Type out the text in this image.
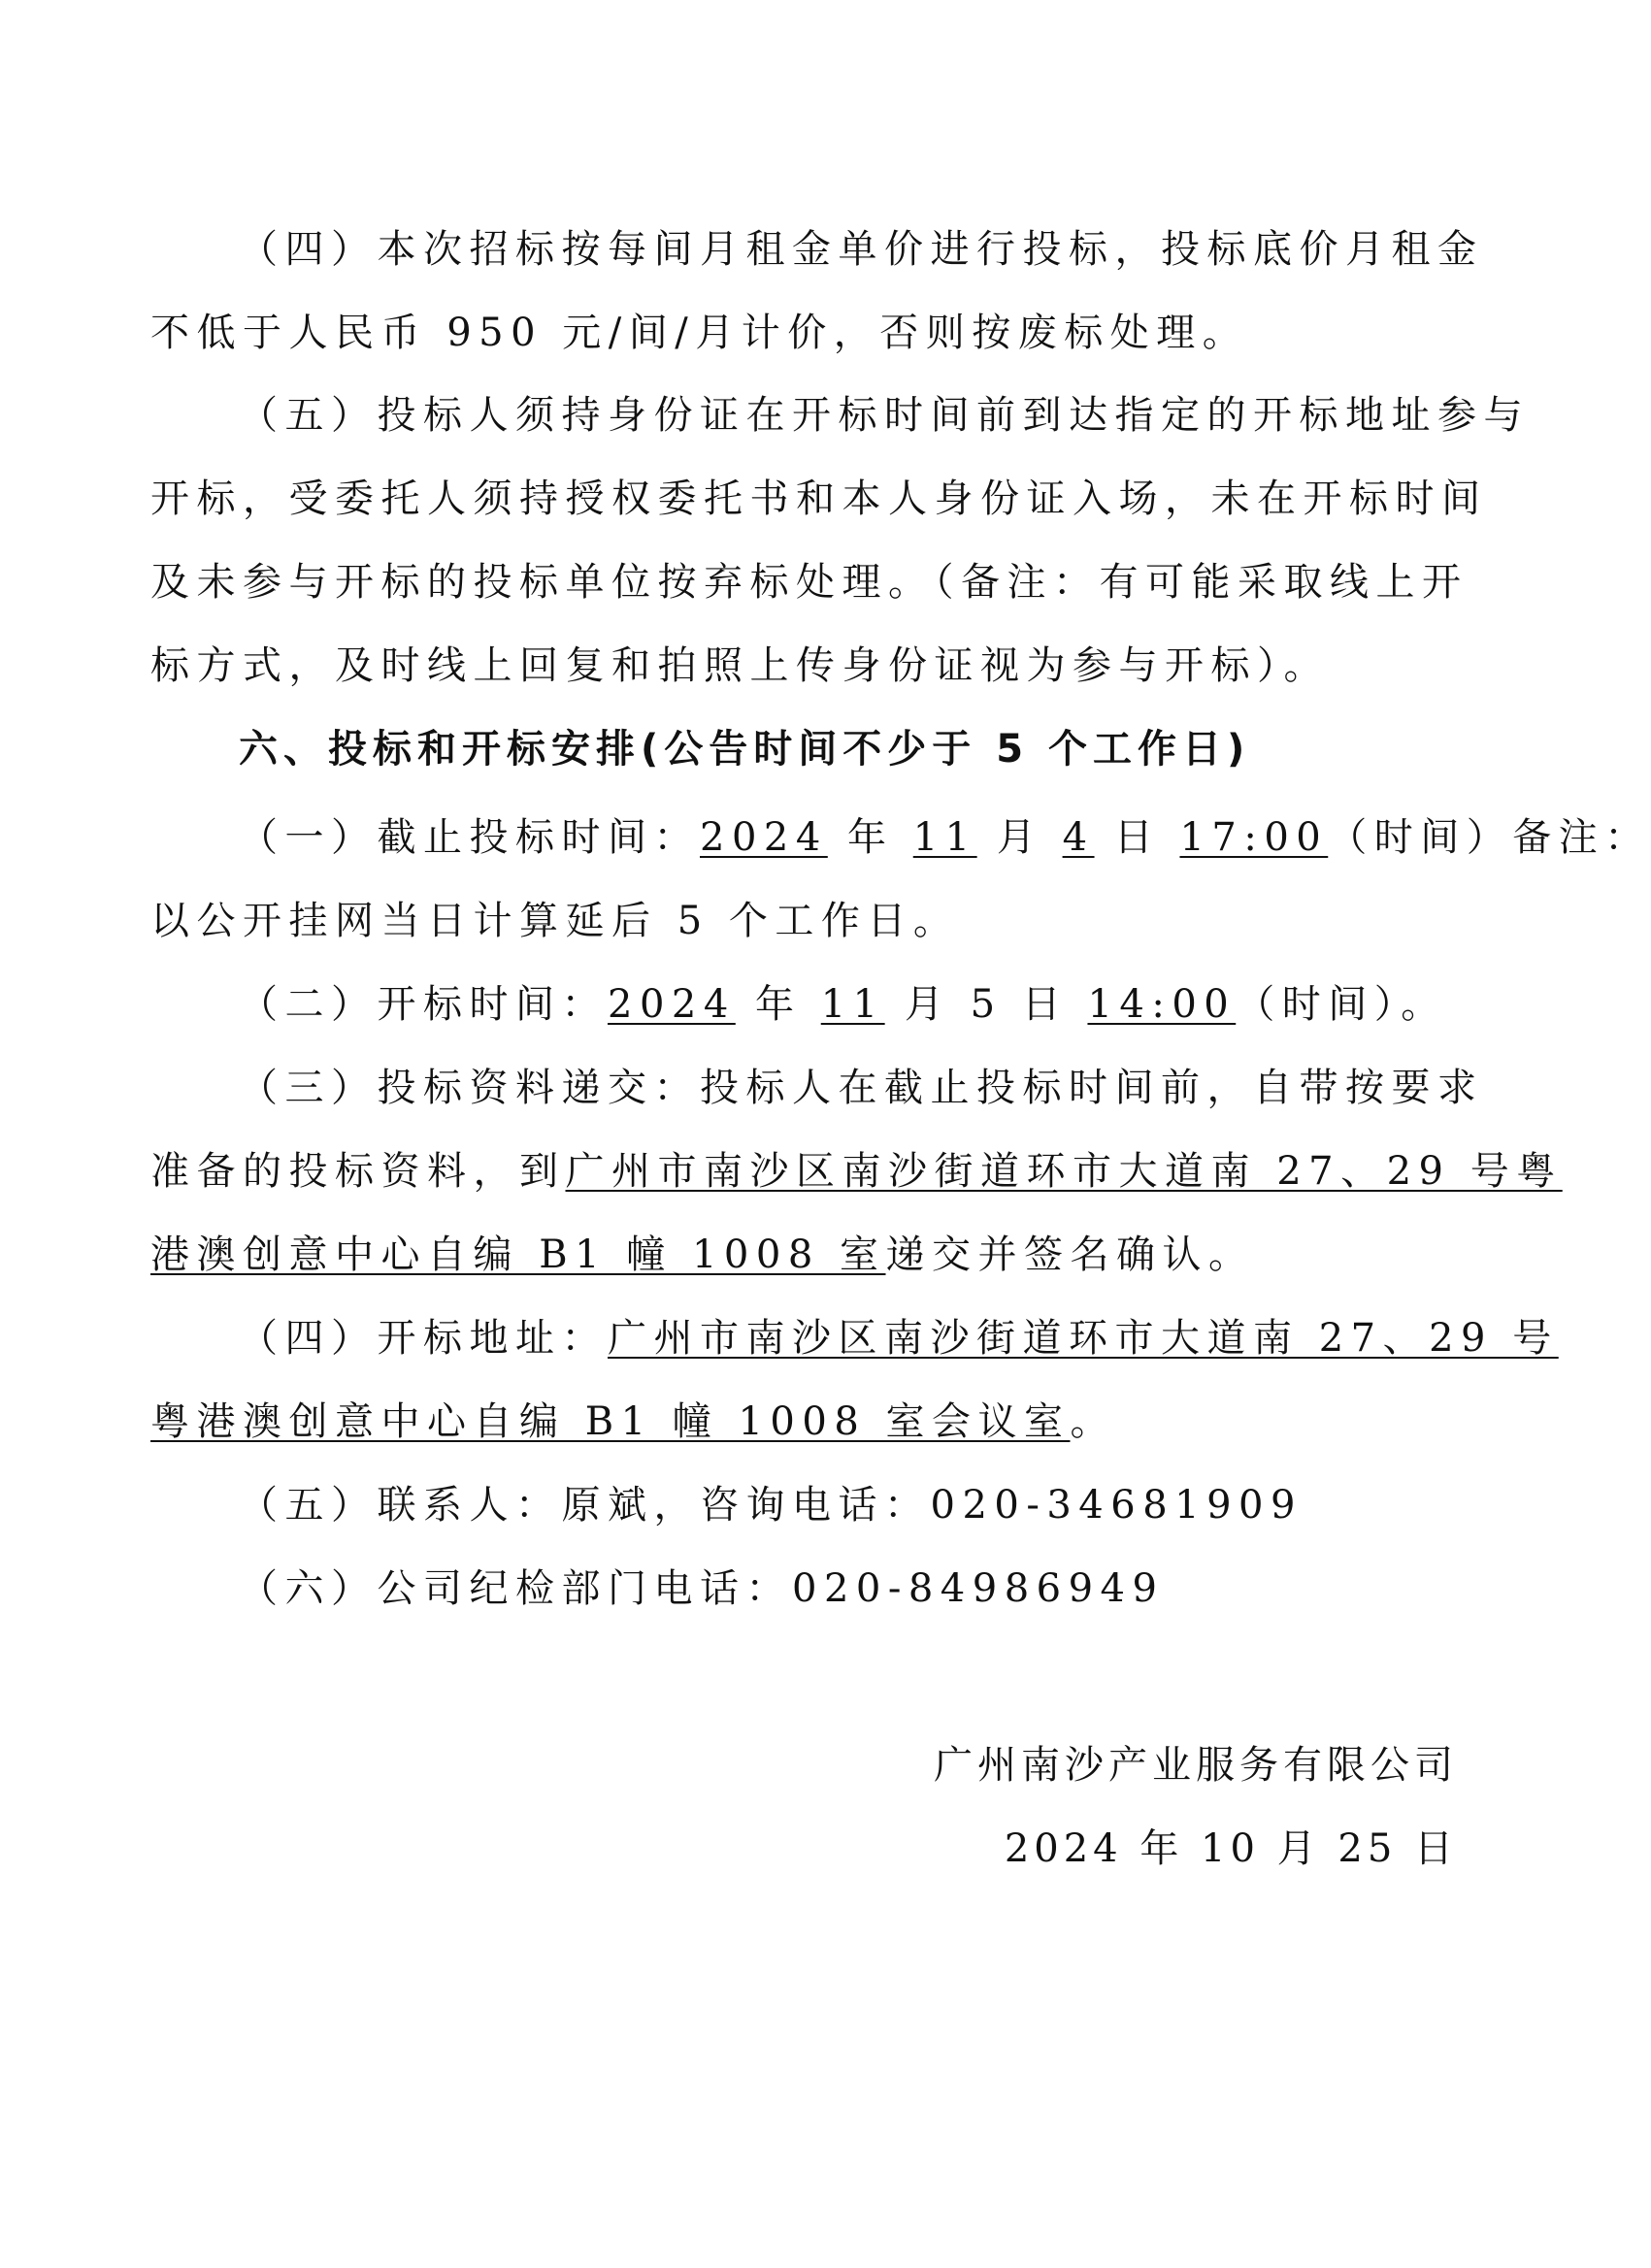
（四）本次招标按每间月租金单价进行投标，投标底价月租金
不低于人民币 950 元/间/月计价，否则按废标处理。
（五）投标人须持身份证在开标时间前到达指定的开标地址参与
开标，受委托人须持授权委托书和本人身份证入场，未在开标时间
及未参与开标的投标单位按弃标处理。（备注：有可能采取线上开
标方式，及时线上回复和拍照上传身份证视为参与开标）。
六、投标和开标安排(公告时间不少于 5 个工作日)
（一）截止投标时间：2024 年 11 月 4 日 17:00（时间）备注：
以公开挂网当日计算延后 5 个工作日。
（二）开标时间：2024 年 11 月 5 日 14:00（时间）。
（三）投标资料递交：投标人在截止投标时间前，自带按要求
准备的投标资料，到广州市南沙区南沙街道环市大道南 27、29 号粤
港澳创意中心自编 B1 幢 1008 室递交并签名确认。
（四）开标地址：广州市南沙区南沙街道环市大道南 27、29 号
粤港澳创意中心自编 B1 幢 1008 室会议室。
（五）联系人：原斌，咨询电话：020-34681909
（六）公司纪检部门电话：020-84986949
广州南沙产业服务有限公司
2024 年 10 月 25 日
